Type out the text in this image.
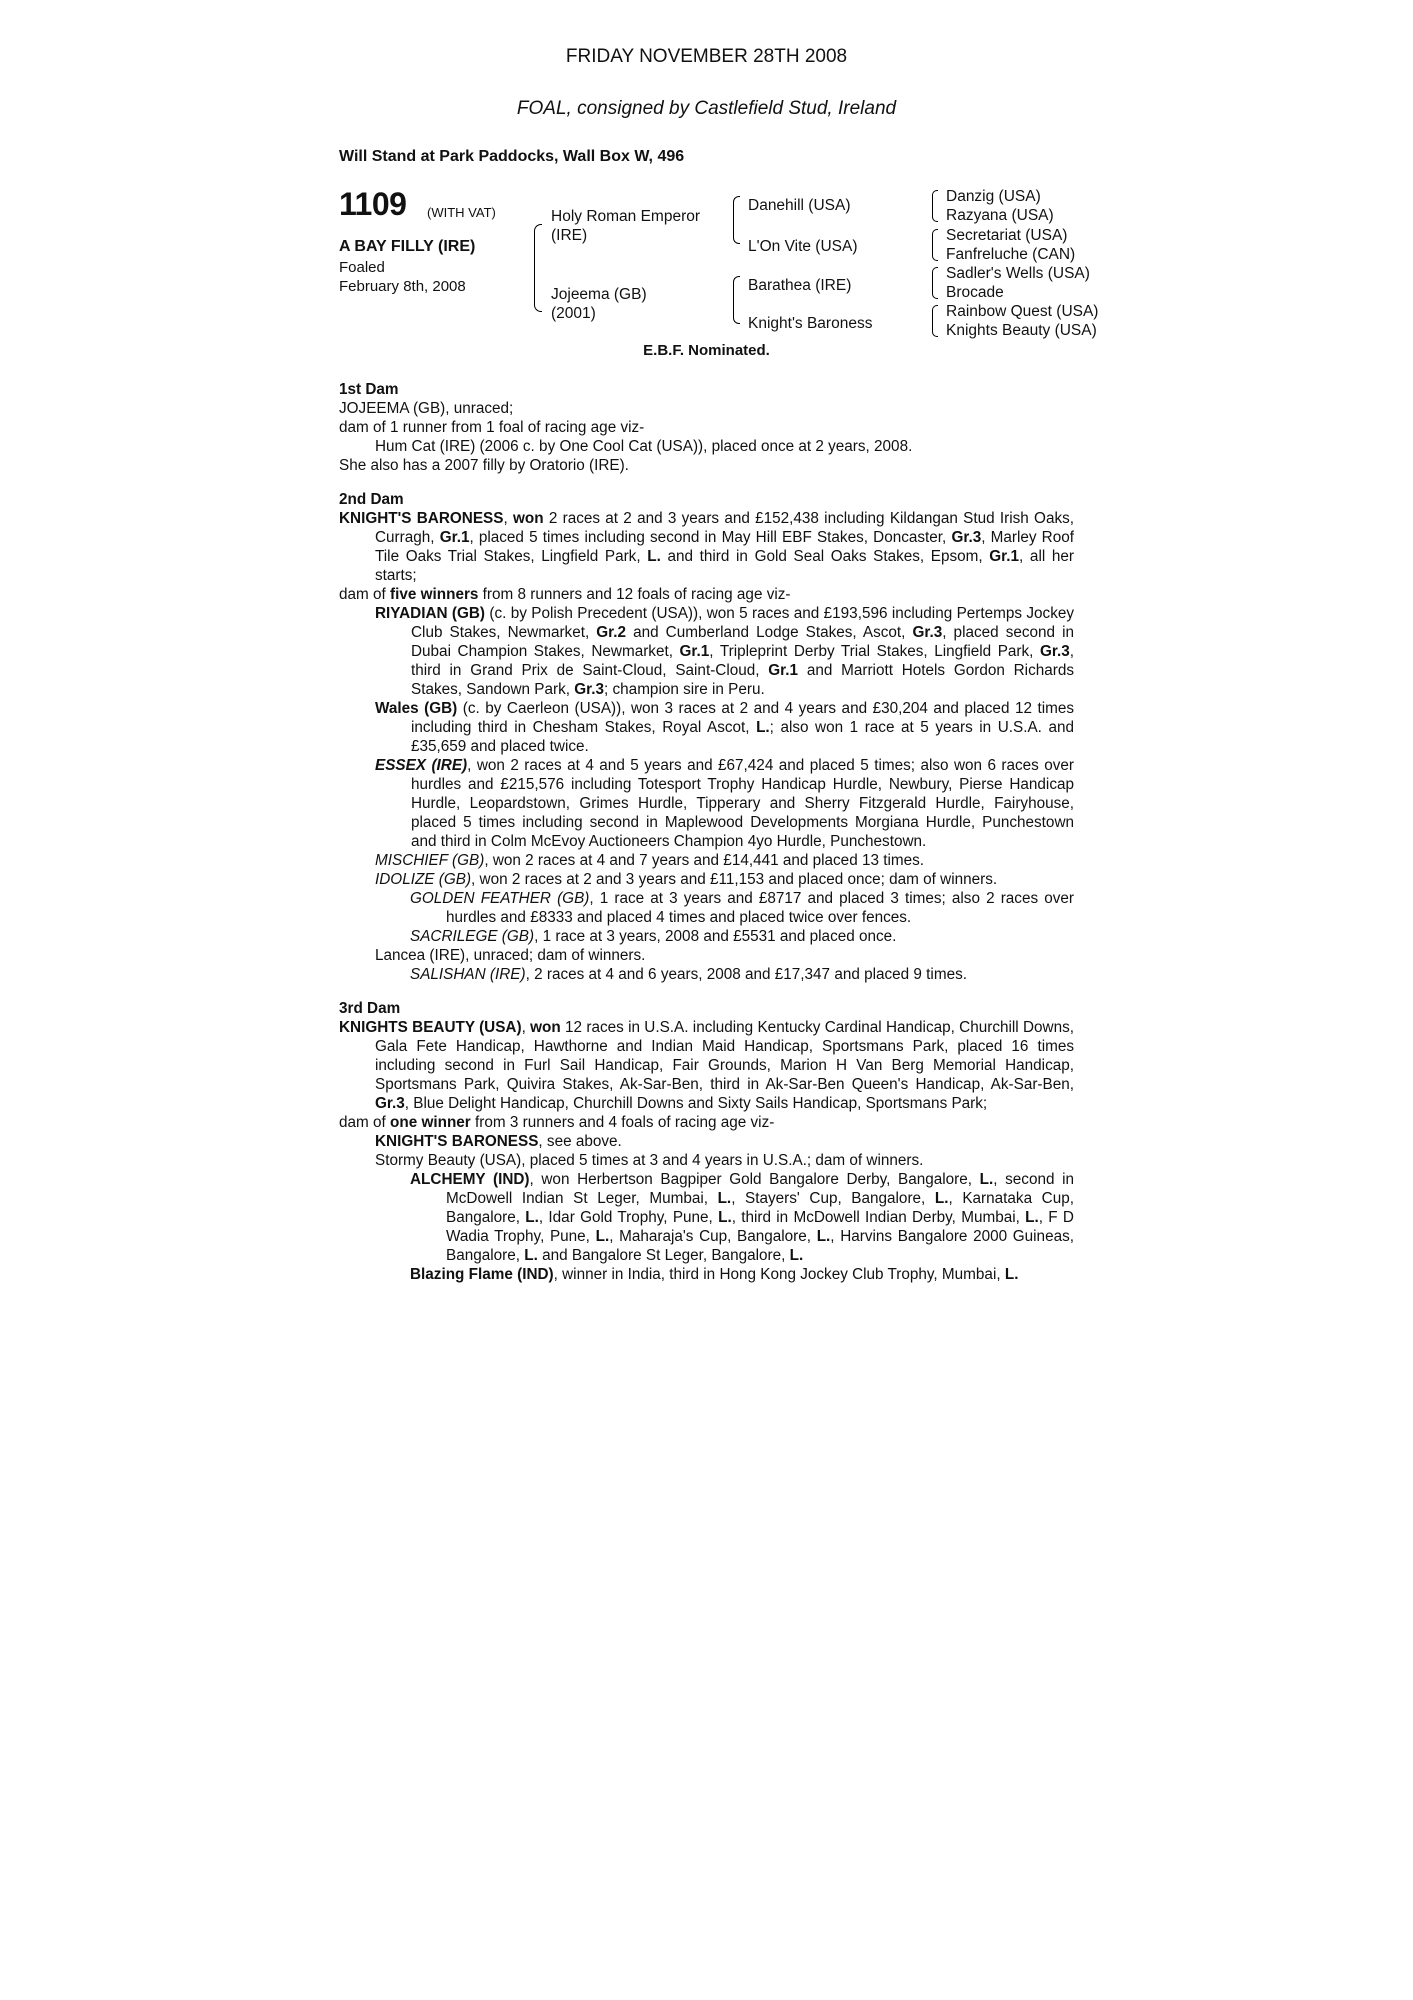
FRIDAY NOVEMBER 28TH 2008
FOAL, consigned by Castlefield Stud, Ireland
Will Stand at Park Paddocks, Wall Box W, 496
1109 (WITH VAT)
A BAY FILLY (IRE)
Foaled
February 8th, 2008
Holy Roman Emperor
(IRE)
Jojeema (GB)
(2001)
Danehill (USA)
L'On Vite (USA)
Barathea (IRE)
Knight's Baroness
Danzig (USA)
Razyana (USA)
Secretariat (USA)
Fanfreluche (CAN)
Sadler's Wells (USA)
Brocade
Rainbow Quest (USA)
Knights Beauty (USA)
E.B.F. Nominated.

1st Dam

JOJEEMA (GB), unraced;

dam of 1 runner from 1 foal of racing age viz-

Hum Cat (IRE) (2006 c. by One Cool Cat (USA)), placed once at 2 years, 2008.

She also has a 2007 filly by Oratorio (IRE).

2nd Dam

KNIGHT'S BARONESS, won 2 races at 2 and 3 years and £152,438 including Kildangan Stud Irish Oaks, Curragh, Gr.1, placed 5 times including second in May Hill EBF Stakes, Doncaster, Gr.3, Marley Roof Tile Oaks Trial Stakes, Lingfield Park, L. and third in Gold Seal Oaks Stakes, Epsom, Gr.1, all her starts;

dam of five winners from 8 runners and 12 foals of racing age viz-

RIYADIAN (GB) (c. by Polish Precedent (USA)), won 5 races and £193,596 including Pertemps Jockey Club Stakes, Newmarket, Gr.2 and Cumberland Lodge Stakes, Ascot, Gr.3, placed second in Dubai Champion Stakes, Newmarket, Gr.1, Tripleprint Derby Trial Stakes, Lingfield Park, Gr.3, third in Grand Prix de Saint-Cloud, Saint-Cloud, Gr.1 and Marriott Hotels Gordon Richards Stakes, Sandown Park, Gr.3; champion sire in Peru.

Wales (GB) (c. by Caerleon (USA)), won 3 races at 2 and 4 years and £30,204 and placed 12 times including third in Chesham Stakes, Royal Ascot, L.; also won 1 race at 5 years in U.S.A. and £35,659 and placed twice.

ESSEX (IRE), won 2 races at 4 and 5 years and £67,424 and placed 5 times; also won 6 races over hurdles and £215,576 including Totesport Trophy Handicap Hurdle, Newbury, Pierse Handicap Hurdle, Leopardstown, Grimes Hurdle, Tipperary and Sherry Fitzgerald Hurdle, Fairyhouse, placed 5 times including second in Maplewood Developments Morgiana Hurdle, Punchestown and third in Colm McEvoy Auctioneers Champion 4yo Hurdle, Punchestown.

MISCHIEF (GB), won 2 races at 4 and 7 years and £14,441 and placed 13 times.

IDOLIZE (GB), won 2 races at 2 and 3 years and £11,153 and placed once; dam of winners.

GOLDEN FEATHER (GB), 1 race at 3 years and £8717 and placed 3 times; also 2 races over hurdles and £8333 and placed 4 times and placed twice over fences.

SACRILEGE (GB), 1 race at 3 years, 2008 and £5531 and placed once.

Lancea (IRE), unraced; dam of winners.

SALISHAN (IRE), 2 races at 4 and 6 years, 2008 and £17,347 and placed 9 times.

3rd Dam

KNIGHTS BEAUTY (USA), won 12 races in U.S.A. including Kentucky Cardinal Handicap, Churchill Downs, Gala Fete Handicap, Hawthorne and Indian Maid Handicap, Sportsmans Park, placed 16 times including second in Furl Sail Handicap, Fair Grounds, Marion H Van Berg Memorial Handicap, Sportsmans Park, Quivira Stakes, Ak-Sar-Ben, third in Ak-Sar-Ben Queen's Handicap, Ak-Sar-Ben, Gr.3, Blue Delight Handicap, Churchill Downs and Sixty Sails Handicap, Sportsmans Park;

dam of one winner from 3 runners and 4 foals of racing age viz-

KNIGHT'S BARONESS, see above.

Stormy Beauty (USA), placed 5 times at 3 and 4 years in U.S.A.; dam of winners.

ALCHEMY (IND), won Herbertson Bagpiper Gold Bangalore Derby, Bangalore, L., second in McDowell Indian St Leger, Mumbai, L., Stayers' Cup, Bangalore, L., Karnataka Cup, Bangalore, L., Idar Gold Trophy, Pune, L., third in McDowell Indian Derby, Mumbai, L., F D Wadia Trophy, Pune, L., Maharaja's Cup, Bangalore, L., Harvins Bangalore 2000 Guineas, Bangalore, L. and Bangalore St Leger, Bangalore, L.

Blazing Flame (IND), winner in India, third in Hong Kong Jockey Club Trophy, Mumbai, L.
